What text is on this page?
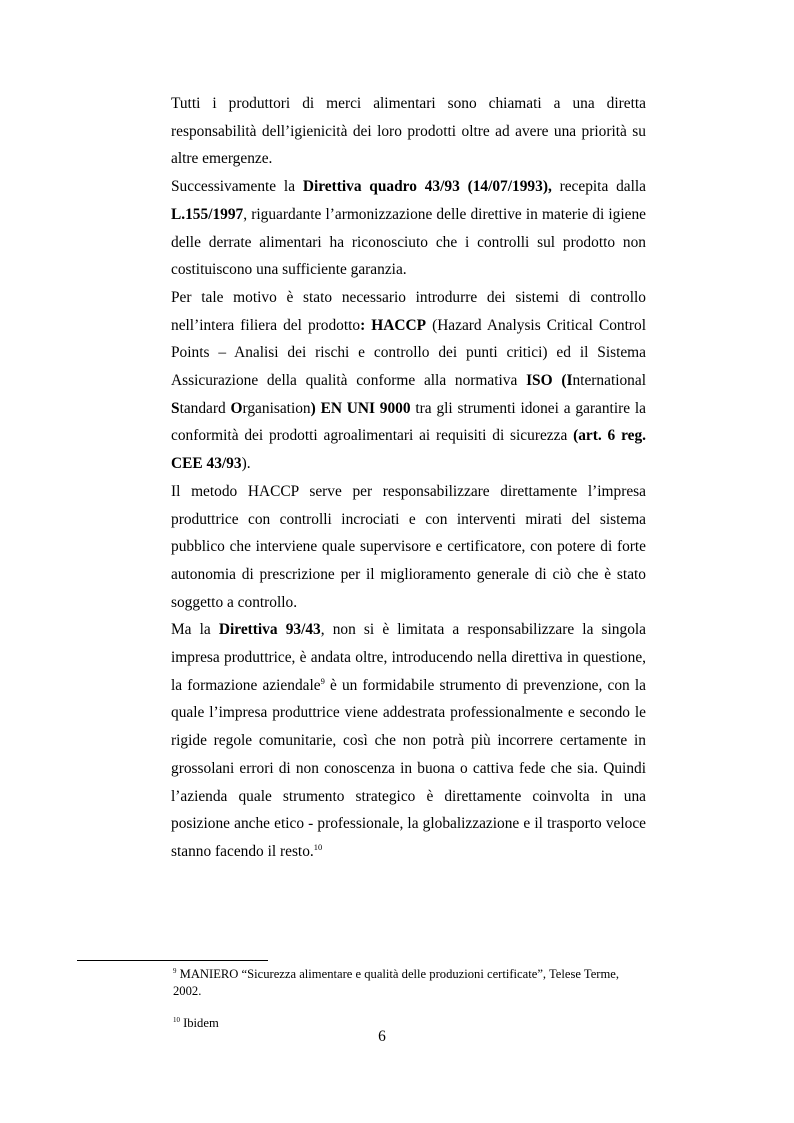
Tutti i produttori di merci alimentari sono chiamati a una diretta responsabilità dell’igienicità dei loro prodotti oltre ad avere una priorità su altre emergenze.

Successivamente la Direttiva quadro 43/93 (14/07/1993), recepita dalla L.155/1997, riguardante l’armonizzazione delle direttive in materie di igiene delle derrate alimentari ha riconosciuto che i controlli sul prodotto non costituiscono una sufficiente garanzia.

Per tale motivo è stato necessario introdurre dei sistemi di controllo nell’intera filiera del prodotto: HACCP (Hazard Analysis Critical Control Points – Analisi dei rischi e controllo dei punti critici) ed il Sistema Assicurazione della qualità conforme alla normativa ISO (International Standard Organisation) EN UNI 9000 tra gli strumenti idonei a garantire la conformità dei prodotti agroalimentari ai requisiti di sicurezza (art. 6 reg. CEE 43/93).

Il metodo HACCP serve per responsabilizzare direttamente l’impresa produttrice con controlli incrociati e con interventi mirati del sistema pubblico che interviene quale supervisore e certificatore, con potere di forte autonomia di prescrizione per il miglioramento generale di ciò che è stato soggetto a controllo.

Ma la Direttiva 93/43, non si è limitata a responsabilizzare la singola impresa produttrice, è andata oltre, introducendo nella direttiva in questione, la formazione aziendale$^9$ è un formidabile strumento di prevenzione, con la quale l’impresa produttrice viene addestrata professionalmente e secondo le rigide regole comunitarie, così che non potrà più incorrere certamente in grossolani errori di non conoscenza in buona o cattiva fede che sia. Quindi l’azienda quale strumento strategico è direttamente coinvolta in una posizione anche etico - professionale, la globalizzazione e il trasporto veloce stanno facendo il resto.$^{10}$

$^9$ MANIERO “Sicurezza alimentare e qualità delle produzioni certificate”, Telese Terme, 2002.

$^{10}$ Ibidem

6
